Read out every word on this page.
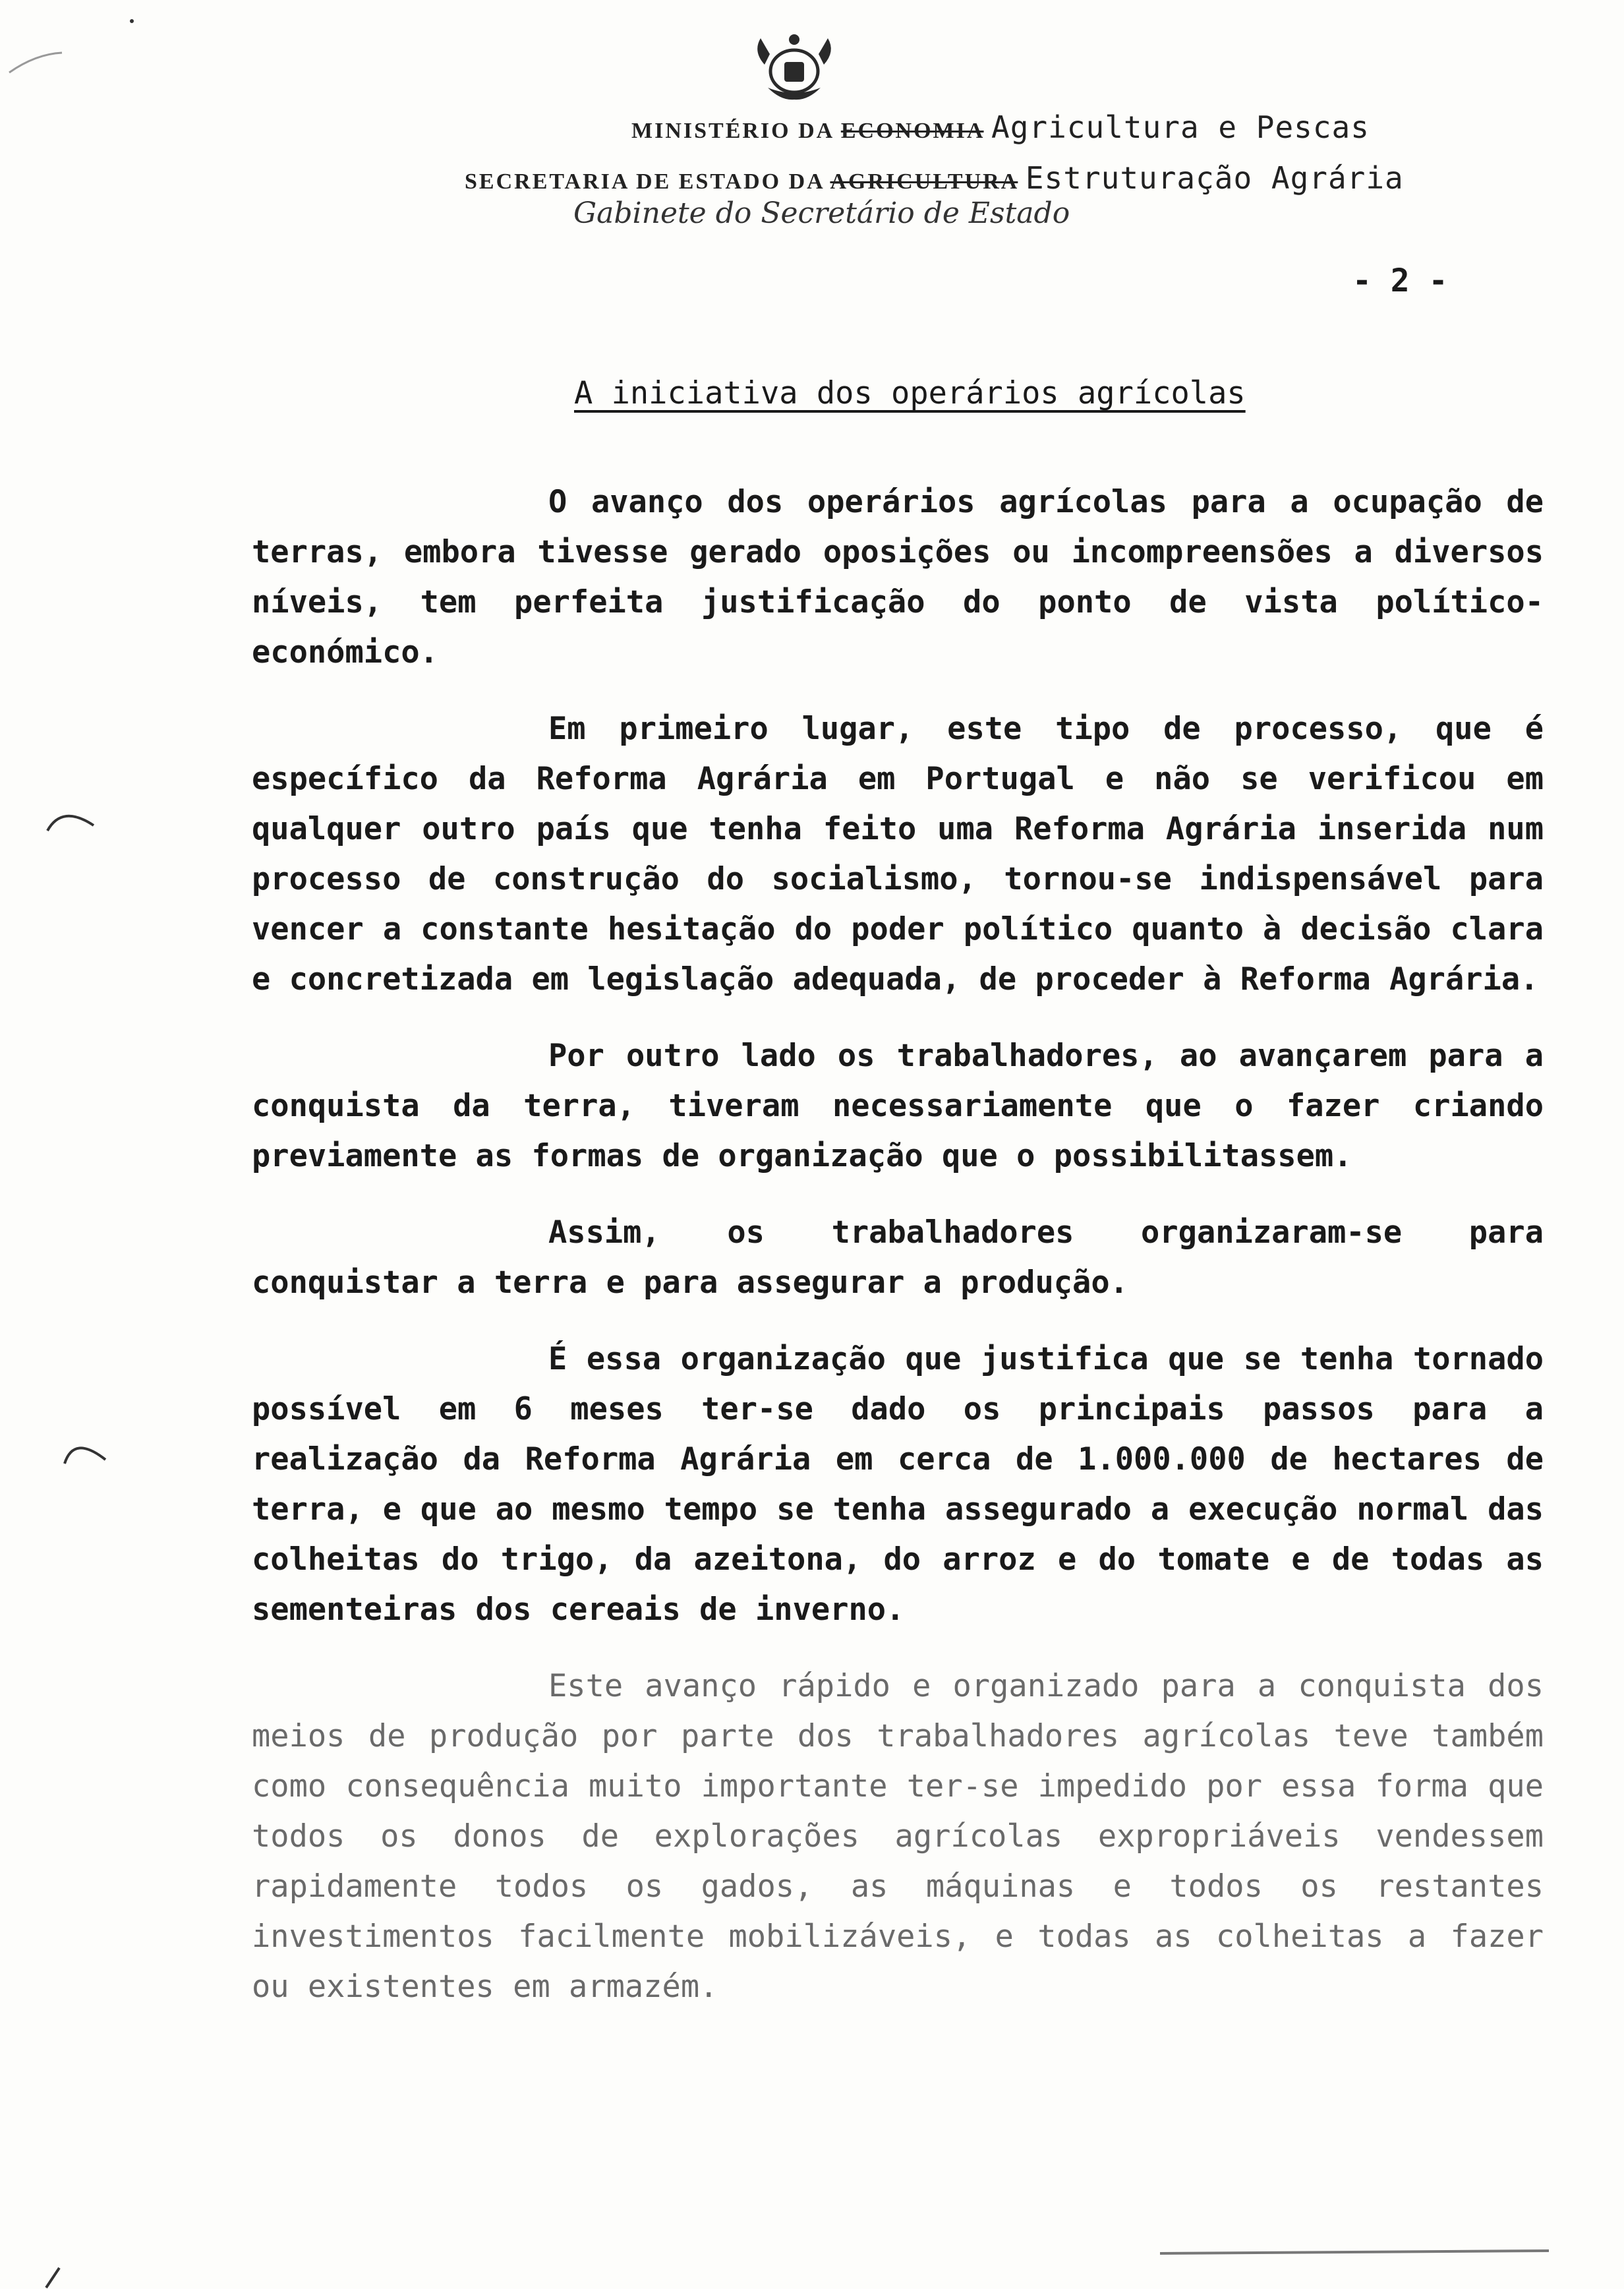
MINISTÉRIO DA ECONOMIA Agricultura e Pescas
SECRETARIA DE ESTADO DA AGRICULTURA Estruturação Agrária
Gabinete do Secretário de Estado
- 2 -
A iniciativa dos operários agrícolas

O avanço dos operários agrícolas para a ocupação de terras, embora tivesse gerado oposições ou incompreensões a diversos níveis, tem perfeita justificação do ponto de vista político-económico.

Em primeiro lugar, este tipo de processo, que é específico da Reforma Agrária em Portugal e não se verificou em qualquer outro país que tenha feito uma Reforma Agrária inserida num processo de construção do socialismo, tornou-se indispensável para vencer a constante hesitação do poder político quanto à decisão clara e concretizada em legislação adequada, de proceder à Reforma Agrária.

Por outro lado os trabalhadores, ao avançarem para a conquista da terra, tiveram necessariamente que o fazer criando previamente as formas de organização que o possibilitassem.

Assim, os trabalhadores organizaram-se para conquistar a terra e para assegurar a produção.

É essa organização que justifica que se tenha tornado possível em 6 meses ter-se dado os principais passos para a realização da Reforma Agrária em cerca de 1.000.000 de hectares de terra, e que ao mesmo tempo se tenha assegurado a execução normal das colheitas do trigo, da azeitona, do arroz e do tomate e de todas as sementeiras dos cereais de inverno.

Este avanço rápido e organizado para a conquista dos meios de produção por parte dos trabalhadores agrícolas teve também como consequência muito importante ter-se impedido por essa forma que todos os donos de explorações agrícolas expropriáveis vendessem rapidamente todos os gados, as máquinas e todos os restantes investimentos facilmente mobilizáveis, e todas as colheitas a fazer ou existentes em armazém.
